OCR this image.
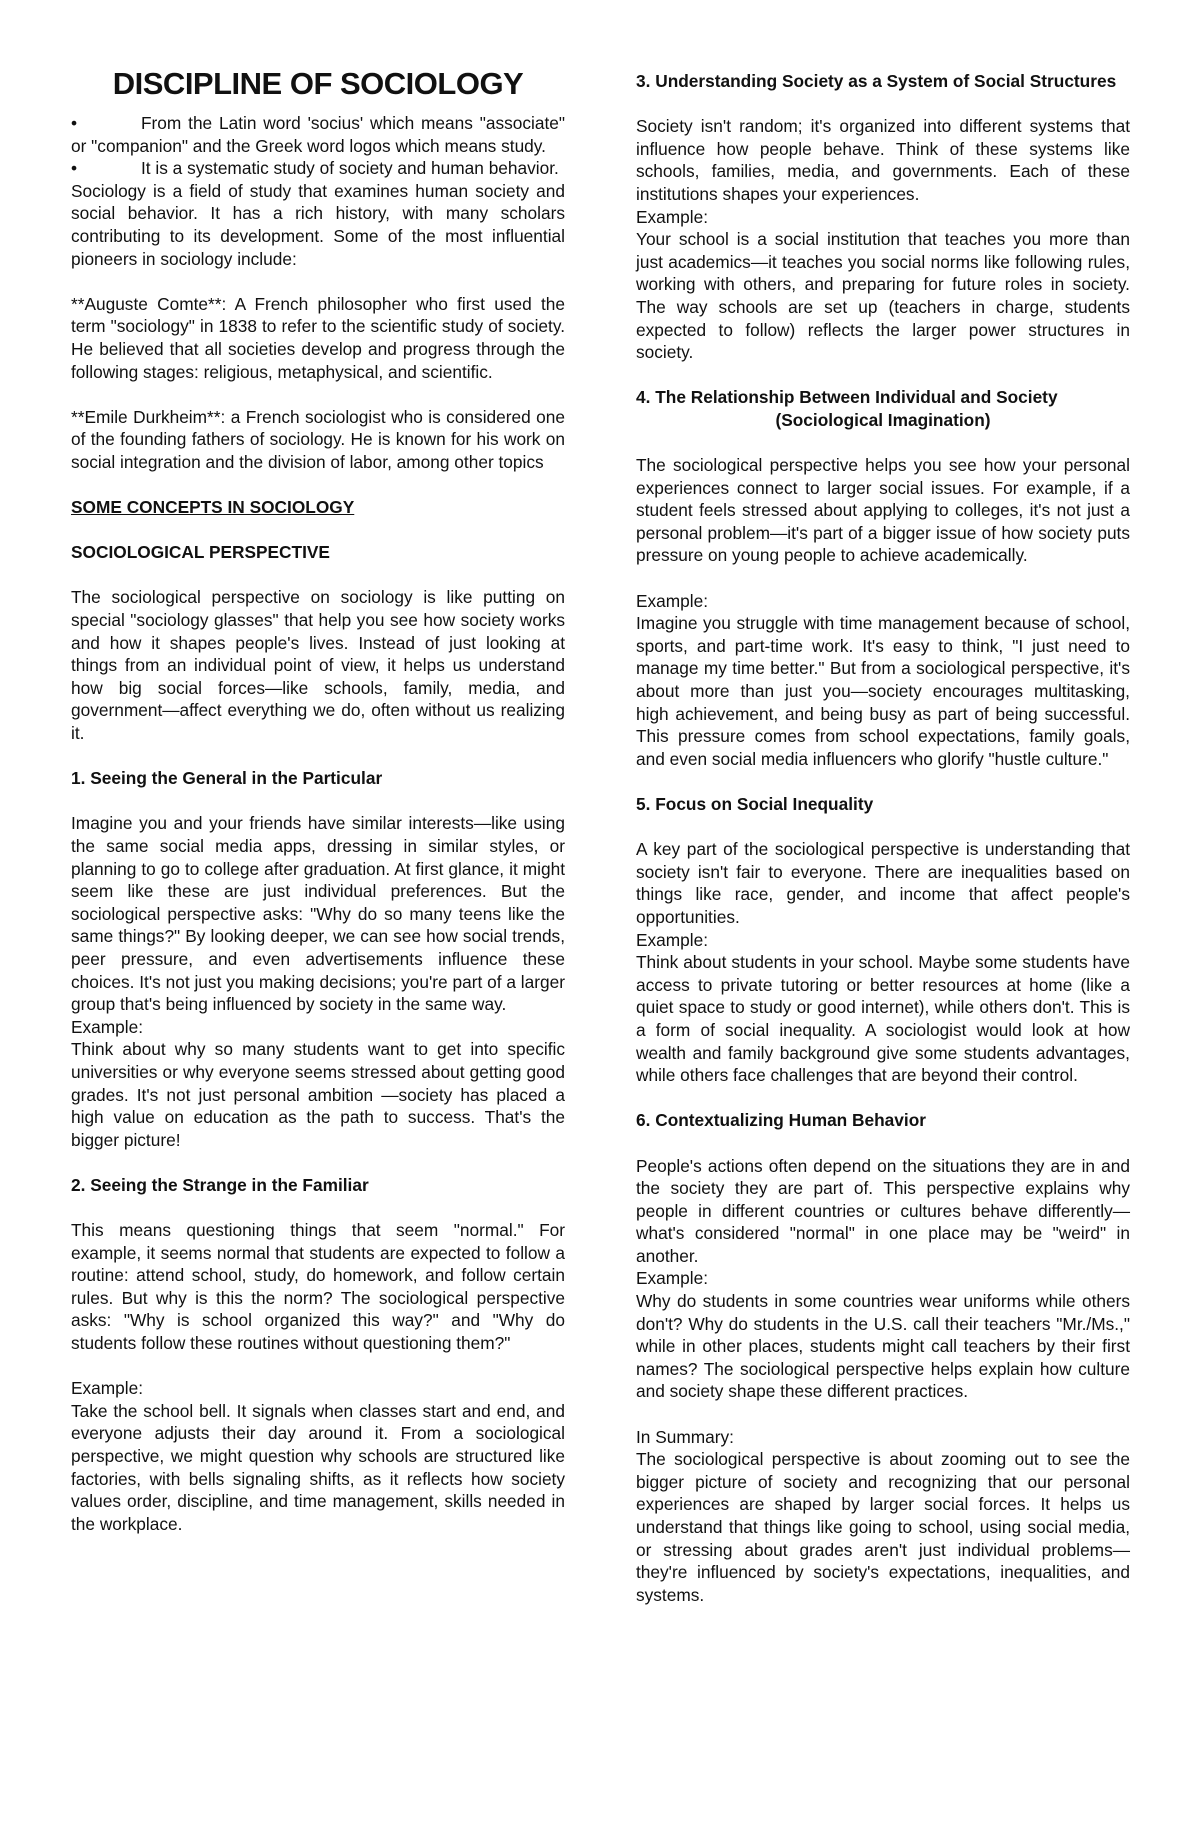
DISCIPLINE OF SOCIOLOGY

•	From the Latin word 'socius' which means "associate" or "companion" and the Greek word logos which means study.

•	It is a systematic study of society and human behavior.

Sociology is a field of study that examines human society and social behavior. It has a rich history, with many scholars contributing to its development. Some of the most influential pioneers in sociology include:

**Auguste Comte**: A French philosopher who first used the term "sociology" in 1838 to refer to the scientific study of society. He believed that all societies develop and progress through the following stages: religious, metaphysical, and scientific.

**Emile Durkheim**: a French sociologist who is considered one of the founding fathers of sociology. He is known for his work on social integration and the division of labor, among other topics

SOME CONCEPTS IN SOCIOLOGY
SOCIOLOGICAL PERSPECTIVE

The sociological perspective on sociology is like putting on special "sociology glasses" that help you see how society works and how it shapes people's lives. Instead of just looking at things from an individual point of view, it helps us understand how big social forces—like schools, family, media, and government—affect everything we do, often without us realizing it.

1. Seeing the General in the Particular

Imagine you and your friends have similar interests—like using the same social media apps, dressing in similar styles, or planning to go to college after graduation. At first glance, it might seem like these are just individual preferences. But the sociological perspective asks: "Why do so many teens like the same things?" By looking deeper, we can see how social trends, peer pressure, and even advertisements influence these choices. It's not just you making decisions; you're part of a larger group that's being influenced by society in the same way.

Example:

Think about why so many students want to get into specific universities or why everyone seems stressed about getting good grades. It's not just personal ambition —society has placed a high value on education as the path to success. That's the bigger picture!

2. Seeing the Strange in the Familiar

This means questioning things that seem "normal." For example, it seems normal that students are expected to follow a routine: attend school, study, do homework, and follow certain rules. But why is this the norm? The sociological perspective asks: "Why is school organized this way?" and "Why do students follow these routines without questioning them?"

Example:

Take the school bell. It signals when classes start and end, and everyone adjusts their day around it. From a sociological perspective, we might question why schools are structured like factories, with bells signaling shifts, as it reflects how society values order, discipline, and time management, skills needed in the workplace.

3. Understanding Society as a System of Social Structures

Society isn't random; it's organized into different systems that influence how people behave. Think of these systems like schools, families, media, and governments. Each of these institutions shapes your experiences.

Example:

Your school is a social institution that teaches you more than just academics—it teaches you social norms like following rules, working with others, and preparing for future roles in society. The way schools are set up (teachers in charge, students expected to follow) reflects the larger power structures in society.

4. The Relationship Between Individual and Society
(Sociological Imagination)

The sociological perspective helps you see how your personal experiences connect to larger social issues. For example, if a student feels stressed about applying to colleges, it's not just a personal problem—it's part of a bigger issue of how society puts pressure on young people to achieve academically.

Example:

Imagine you struggle with time management because of school, sports, and part-time work. It's easy to think, "I just need to manage my time better." But from a sociological perspective, it's about more than just you—society encourages multitasking, high achievement, and being busy as part of being successful. This pressure comes from school expectations, family goals, and even social media influencers who glorify "hustle culture."

5. Focus on Social Inequality

A key part of the sociological perspective is understanding that society isn't fair to everyone. There are inequalities based on things like race, gender, and income that affect people's opportunities.

Example:

Think about students in your school. Maybe some students have access to private tutoring or better resources at home (like a quiet space to study or good internet), while others don't. This is a form of social inequality. A sociologist would look at how wealth and family background give some students advantages, while others face challenges that are beyond their control.

6. Contextualizing Human Behavior

People's actions often depend on the situations they are in and the society they are part of. This perspective explains why people in different countries or cultures behave differently—what's considered "normal" in one place may be "weird" in another.

Example:

Why do students in some countries wear uniforms while others don't? Why do students in the U.S. call their teachers "Mr./Ms.," while in other places, students might call teachers by their first names? The sociological perspective helps explain how culture and society shape these different practices.

In Summary:

The sociological perspective is about zooming out to see the bigger picture of society and recognizing that our personal experiences are shaped by larger social forces. It helps us understand that things like going to school, using social media, or stressing about grades aren't just individual problems—they're influenced by society's expectations, inequalities, and systems.
